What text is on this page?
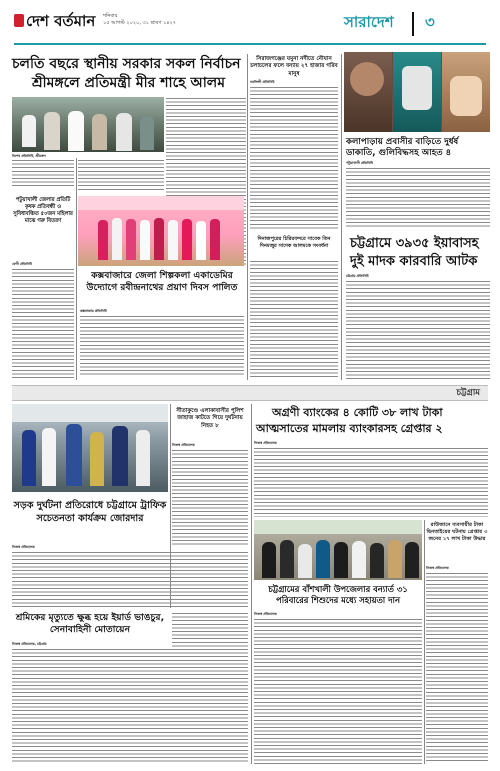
দেশ বর্তমান শনিবার
১৫ আগস্ট ২০২০, ৩১ শ্রাবণ ১৪২৭	সারাদেশ ৩
চলতি বছরে স্থানীয় সরকার সকল নির্বাচন
শ্রীমঙ্গলে প্রতিমন্ত্রী মীর শাহে আলম
বিশেষ প্রতিনিধি, শ্রীমঙ্গল
পটুয়াখালী জেলার প্রতিটি কৃষক প্রতিবন্ধী ও সুবিধাবঞ্চিত ৫০জন মহিলার মাঝে গরু বিতরণ
ফেনী প্রতিনিধি
কক্সবাজারে জেলা শিল্পকলা একাডেমির উদ্যোগে রবীন্দ্রনাথের প্রয়াণ দিবস পালিত
কক্সবাজার প্রতিনিধি
সিরাজগঞ্জের যমুনা নদীতে নৌযান চলাচলের ফলে বন্যায় ২৭ হাজার গরিব মানুষ
নরসিংদী প্রতিনিধি
দিনাজপুরের চিরিরবন্দরে সাবেক তিন দিনমজুর সাদেক আলমকে সংবর্ধনা
কলাপাড়ায় প্রবাসীর বাড়িতে দুর্ধর্ষ ডাকাতি, গুলিবিদ্ধসহ আহত ৪
পটুয়াখালী প্রতিনিধি
চট্টগ্রামে ৩৯৩৫ ইয়াবাসহ
দুই মাদক কারবারি আটক
চট্টগ্রাম প্রতিনিধি
চট্টগ্রাম
সড়ক দুর্ঘটনা প্রতিরোধে চট্টগ্রামে ট্রাফিক সচেতনতা কার্যক্রম জোরদার
নিজস্ব প্রতিবেদক
শ্রমিকের মৃত্যুতে ক্ষুব্ধ হয়ে ইয়ার্ড ভাঙচুর, সেনাবাহিনী মোতায়েন
নিজস্ব প্রতিবেদক, চট্টগ্রাম
সীতাকুণ্ডে এলাকাবাসীর পুলিশ জাহাজ কাটতে গিয়ে দুর্ঘটনায় নিহত ৮
নিজস্ব প্রতিবেদক
অগ্রণী ব্যাংকের ৪ কোটি ৩৮ লাখ টাকা
আত্মসাতের মামলায় ব্যাংকারসহ গ্রেপ্তার ২
নিজস্ব প্রতিবেদক
চট্টগ্রামের বাঁশখালী উপজেলার বন্যার্ত ৩১ পরিবারের শিশুদের মধ্যে সহায়তা দান
নিজস্ব প্রতিবেদক
রাউজানে ব্যবসায়ীর টাকা ছিনতাইয়ের ঘটনায় গ্রেপ্তার ৩ জনের ১৭ লাখ টাকা উদ্ধার
নিজস্ব প্রতিবেদক
